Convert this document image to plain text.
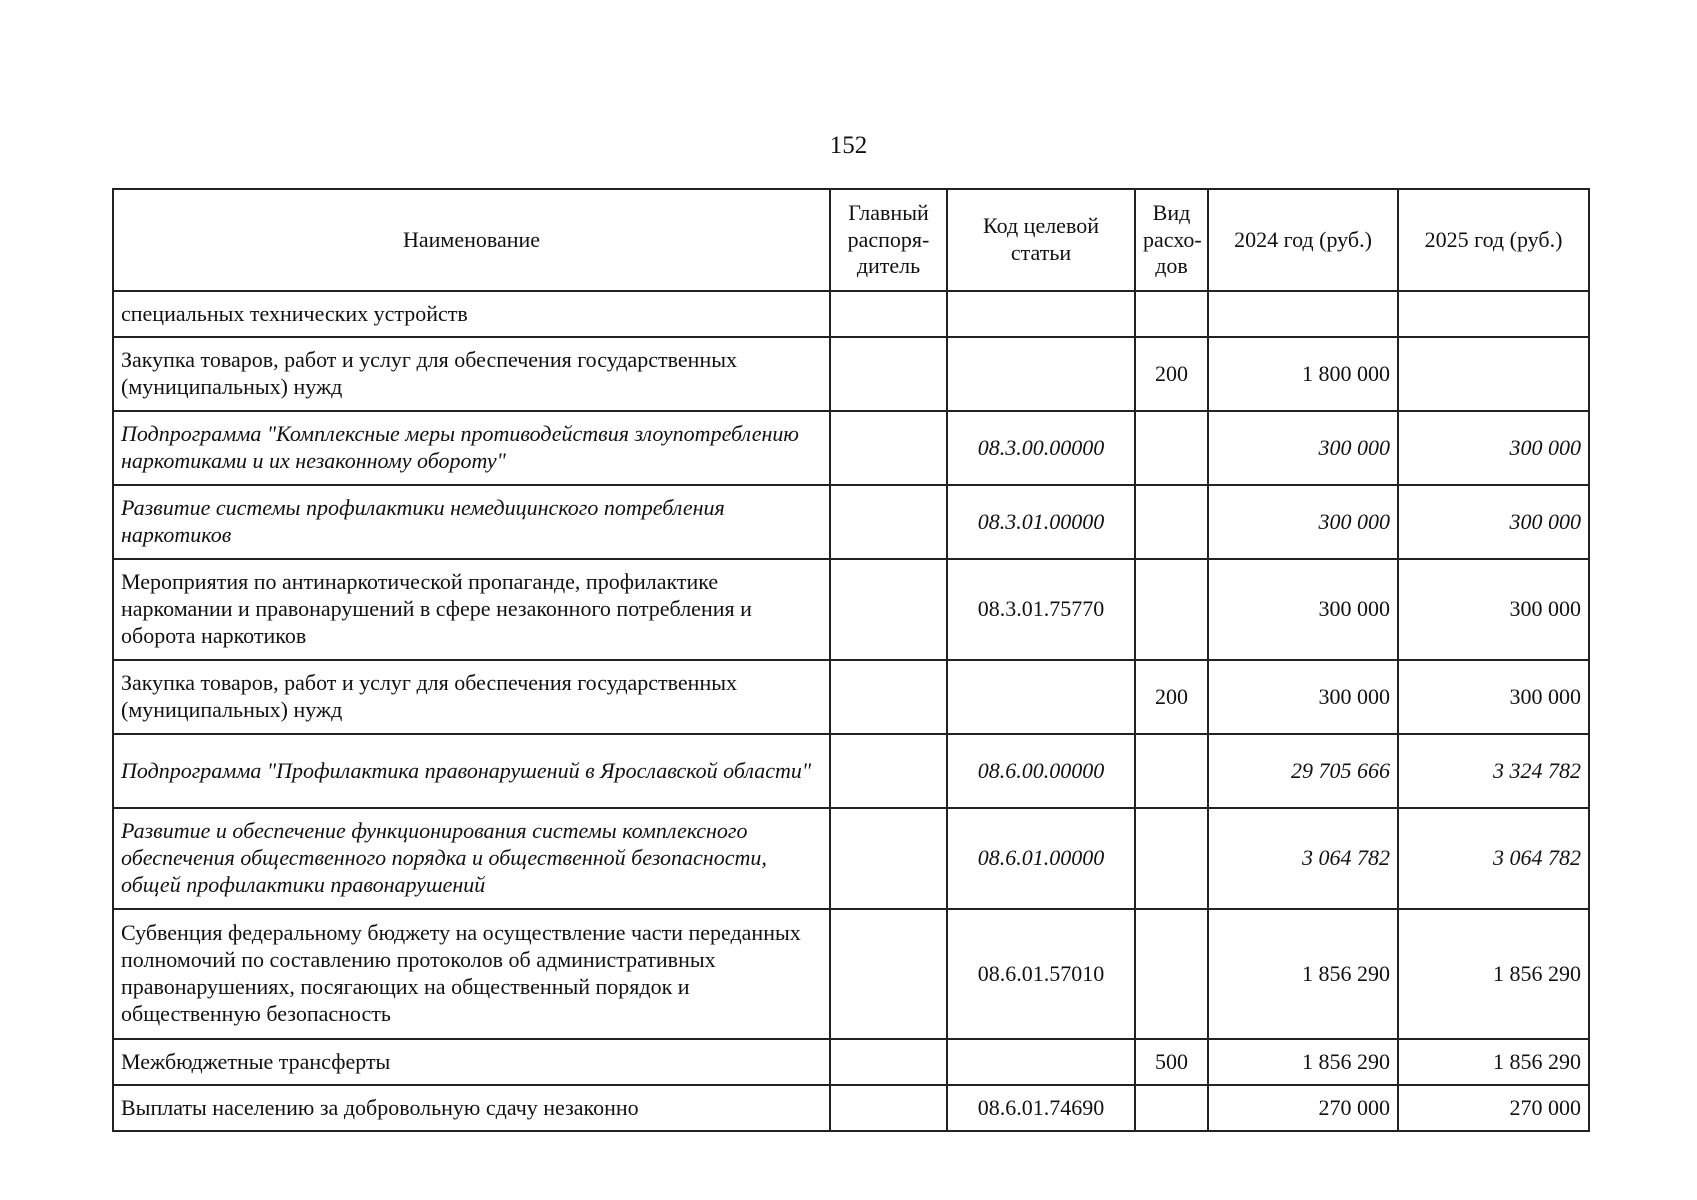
152
Наименование	Главный распоря-дитель	Код целевой статьи	Вид расхо-дов	2024 год (руб.)	2025 год (руб.)
специальных технических устройств					
Закупка товаров, работ и услуг для обеспечения государственных (муниципальных) нужд			200	1 800 000	
Подпрограмма "Комплексные меры противодействия злоупотреблению наркотиками и их незаконному обороту"		08.3.00.00000		300 000	300 000
Развитие системы профилактики немедицинского потребления наркотиков		08.3.01.00000		300 000	300 000
Мероприятия по антинаркотической пропаганде, профилактике наркомании и правонарушений в сфере незаконного потребления и оборота наркотиков		08.3.01.75770		300 000	300 000
Закупка товаров, работ и услуг для обеспечения государственных (муниципальных) нужд			200	300 000	300 000
Подпрограмма "Профилактика правонарушений в Ярославской области"		08.6.00.00000		29 705 666	3 324 782
Развитие и обеспечение функционирования системы комплексного обеспечения общественного порядка и общественной безопасности, общей профилактики правонарушений		08.6.01.00000		3 064 782	3 064 782
Субвенция федеральному бюджету на осуществление части переданных полномочий по составлению протоколов об административных правонарушениях, посягающих на общественный порядок и общественную безопасность		08.6.01.57010		1 856 290	1 856 290
Межбюджетные трансферты			500	1 856 290	1 856 290
Выплаты населению за добровольную сдачу незаконно		08.6.01.74690		270 000	270 000
